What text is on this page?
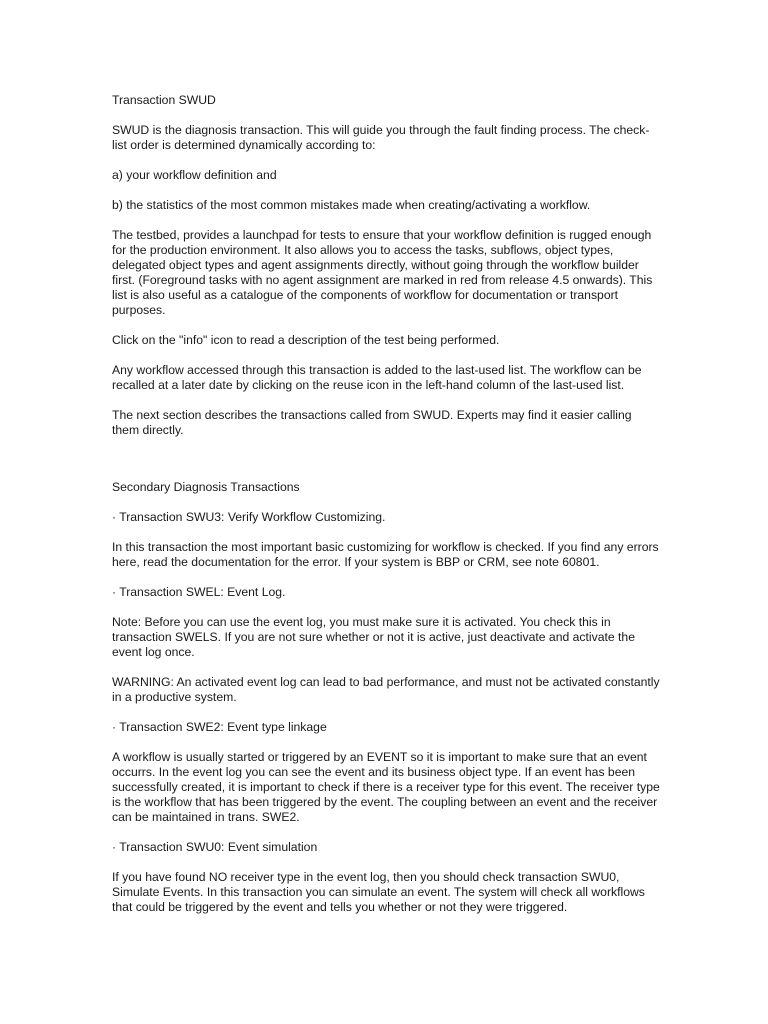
Transaction SWUD

SWUD is the diagnosis transaction. This will guide you through the fault finding process. The check-list order is determined dynamically according to:

a) your workflow definition and

b) the statistics of the most common mistakes made when creating/activating a workflow.

The testbed, provides a launchpad for tests to ensure that your workflow definition is rugged enough for the production environment. It also allows you to access the tasks, subflows, object types, delegated object types and agent assignments directly, without going through the workflow builder first. (Foreground tasks with no agent assignment are marked in red from release 4.5 onwards). This list is also useful as a catalogue of the components of workflow for documentation or transport purposes.

Click on the "info" icon to read a description of the test being performed.

Any workflow accessed through this transaction is added to the last-used list. The workflow can be recalled at a later date by clicking on the reuse icon in the left-hand column of the last-used list.

The next section describes the transactions called from SWUD. Experts may find it easier calling them directly.

Secondary Diagnosis Transactions

· Transaction SWU3: Verify Workflow Customizing.

In this transaction the most important basic customizing for workflow is checked. If you find any errors here, read the documentation for the error. If your system is BBP or CRM, see note 60801.

· Transaction SWEL: Event Log.

Note: Before you can use the event log, you must make sure it is activated. You check this in transaction SWELS. If you are not sure whether or not it is active, just deactivate and activate the event log once.

WARNING: An activated event log can lead to bad performance, and must not be activated constantly in a productive system.

· Transaction SWE2: Event type linkage

A workflow is usually started or triggered by an EVENT so it is important to make sure that an event occurrs. In the event log you can see the event and its business object type. If an event has been successfully created, it is important to check if there is a receiver type for this event. The receiver type is the workflow that has been triggered by the event. The coupling between an event and the receiver can be maintained in trans. SWE2.

· Transaction SWU0: Event simulation

If you have found NO receiver type in the event log, then you should check transaction SWU0, Simulate Events. In this transaction you can simulate an event. The system will check all workflows that could be triggered by the event and tells you whether or not they were triggered.
